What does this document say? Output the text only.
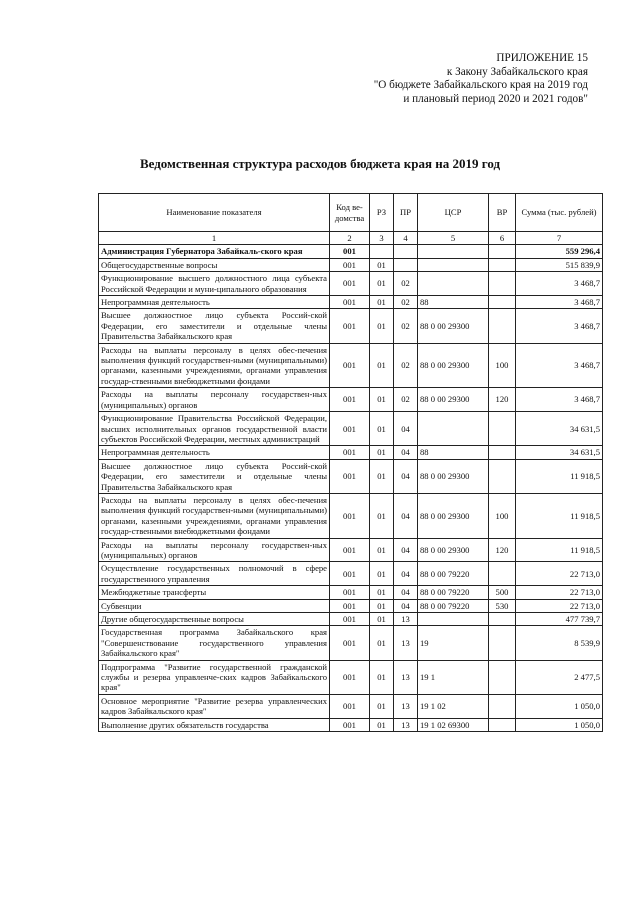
ПРИЛОЖЕНИЕ 15
к Закону Забайкальского края
"О бюджете Забайкальского края на 2019 год
и плановый период 2020 и 2021 годов"
Ведомственная структура расходов бюджета края на 2019 год
Наименование показателя	Код ве-домства	РЗ	ПР	ЦСР	ВР	Сумма (тыс. рублей)
1	2	3	4	5	6	7
Администрация Губернатора Забайкаль-ского края	001					559 296,4
Общегосударственные вопросы	001	01				515 839,9
Функционирование высшего должностного лица субъекта Российской Федерации и муни-ципального образования	001	01	02			3 468,7
Непрограммная деятельность	001	01	02	88		3 468,7
Высшее должностное лицо субъекта Россий-ской Федерации, его заместители и отдельные члены Правительства Забайкальского края	001	01	02	88 0 00 29300		3 468,7
Расходы на выплаты персоналу в целях обес-печения выполнения функций государствен-ными (муниципальными) органами, казенными учреждениями, органами управления государ-ственными внебюджетными фондами	001	01	02	88 0 00 29300	100	3 468,7
Расходы на выплаты персоналу государствен-ных (муниципальных) органов	001	01	02	88 0 00 29300	120	3 468,7
Функционирование Правительства Российской Федерации, высших исполнительных органов государственной власти субъектов Российской Федерации, местных администраций	001	01	04			34 631,5
Непрограммная деятельность	001	01	04	88		34 631,5
Высшее должностное лицо субъекта Россий-ской Федерации, его заместители и отдельные члены Правительства Забайкальского края	001	01	04	88 0 00 29300		11 918,5
Расходы на выплаты персоналу в целях обес-печения выполнения функций государствен-ными (муниципальными) органами, казенными учреждениями, органами управления государ-ственными внебюджетными фондами	001	01	04	88 0 00 29300	100	11 918,5
Расходы на выплаты персоналу государствен-ных (муниципальных) органов	001	01	04	88 0 00 29300	120	11 918,5
Осуществление государственных полномочий в сфере государственного управления	001	01	04	88 0 00 79220		22 713,0
Межбюджетные трансферты	001	01	04	88 0 00 79220	500	22 713,0
Субвенции	001	01	04	88 0 00 79220	530	22 713,0
Другие общегосударственные вопросы	001	01	13			477 739,7
Государственная программа Забайкальского края "Совершенствование государственного управления Забайкальского края"	001	01	13	19		8 539,9
Подпрограмма "Развитие государственной гражданской службы и резерва управленче-ских кадров Забайкальского края"	001	01	13	19 1		2 477,5
Основное мероприятие "Развитие резерва управленческих кадров Забайкальского края"	001	01	13	19 1 02		1 050,0
Выполнение других обязательств государства	001	01	13	19 1 02 69300		1 050,0
